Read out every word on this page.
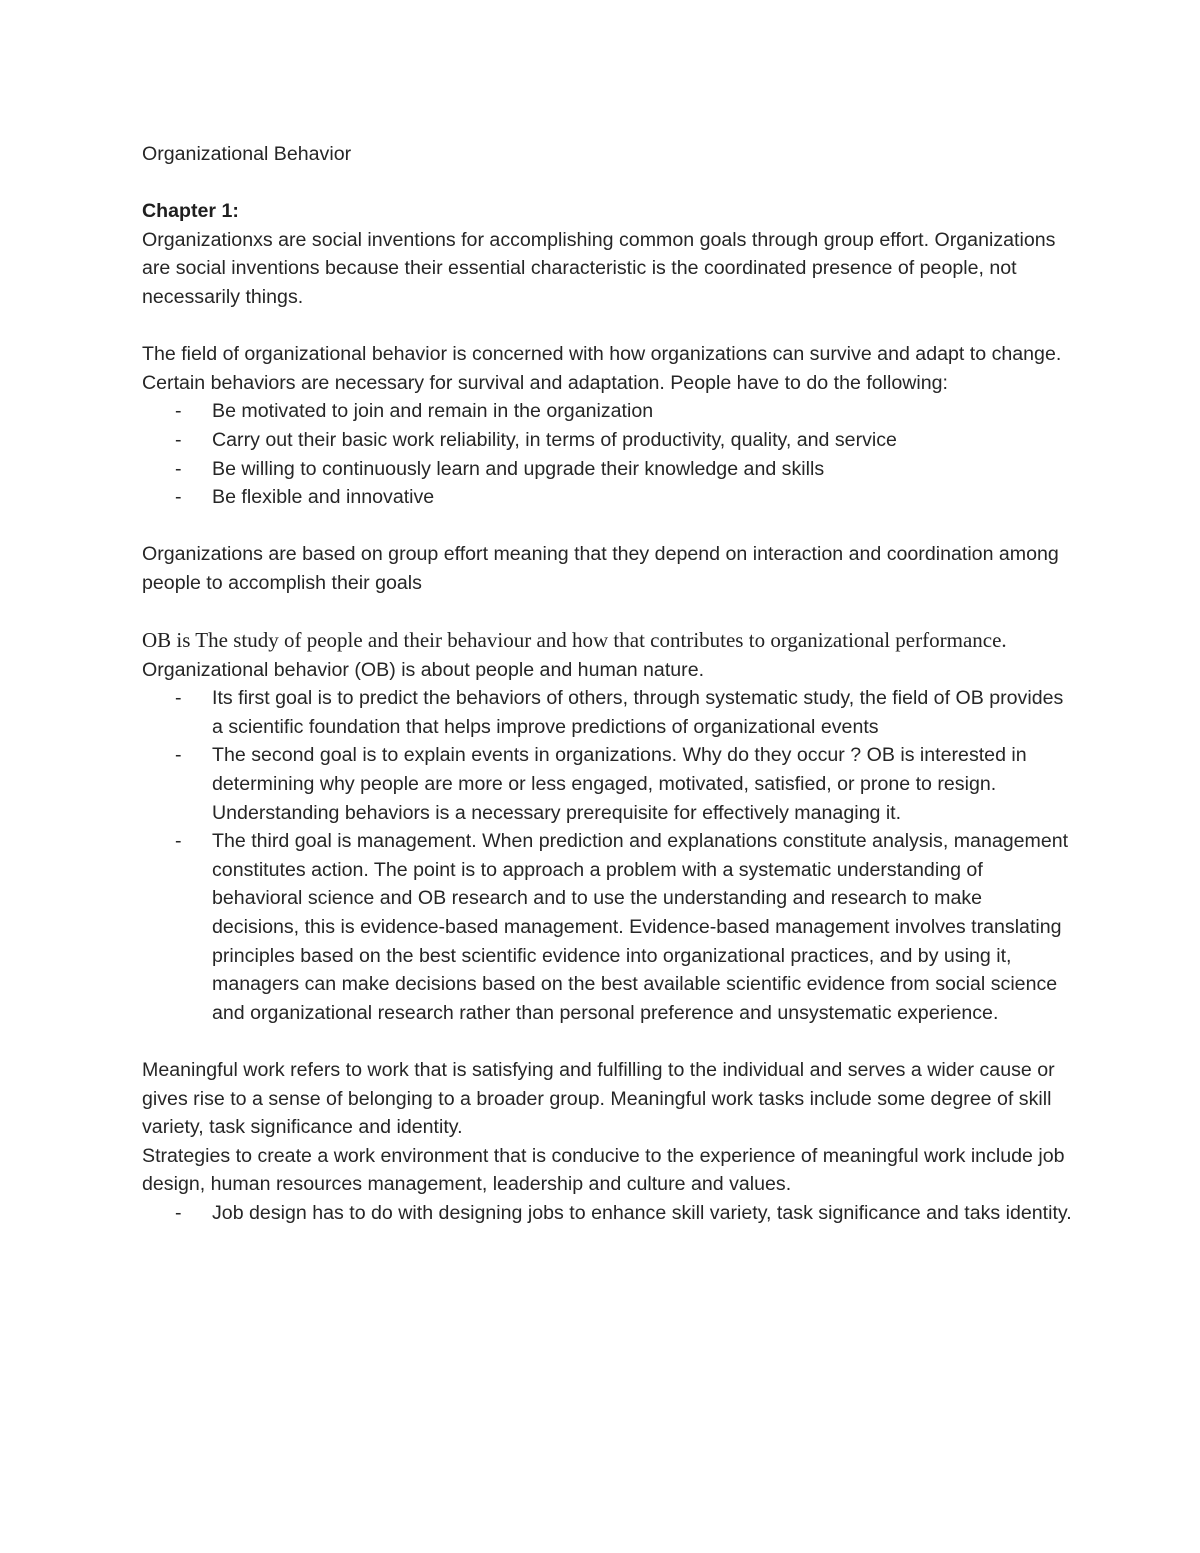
Organizational Behavior

Chapter 1:

Organizationxs are social inventions for accomplishing common goals through group effort. Organizations are social inventions because their essential characteristic is the coordinated presence of people, not necessarily things.

The field of organizational behavior is concerned with how organizations can survive and adapt to change. Certain behaviors are necessary for survival and adaptation. People have to do the following:

- Be motivated to join and remain in the organization
- Carry out their basic work reliability, in terms of productivity, quality, and service
- Be willing to continuously learn and upgrade their knowledge and skills
- Be flexible and innovative

Organizations are based on group effort meaning that they depend on interaction and coordination among people to accomplish their goals

OB is The study of people and their behaviour and how that contributes to organizational performance.

Organizational behavior (OB) is about people and human nature.

- Its first goal is to predict the behaviors of others, through systematic study, the field of OB provides a scientific foundation that helps improve predictions of organizational events
- The second goal is to explain events in organizations. Why do they occur ? OB is interested in determining why people are more or less engaged, motivated, satisfied, or prone to resign. Understanding behaviors is a necessary prerequisite for effectively managing it.
- The third goal is management. When prediction and explanations constitute analysis, management constitutes action. The point is to approach a problem with a systematic understanding of behavioral science and OB research and to use the understanding and research to make decisions, this is evidence-based management. Evidence-based management involves translating principles based on the best scientific evidence into organizational practices, and by using it, managers can make decisions based on the best available scientific evidence from social science and organizational research rather than personal preference and unsystematic experience.

Meaningful work refers to work that is satisfying and fulfilling to the individual and serves a wider cause or gives rise to a sense of belonging to a broader group. Meaningful work tasks include some degree of skill variety, task significance and identity.

Strategies to create a work environment that is conducive to the experience of meaningful work include job design, human resources management, leadership and culture and values.

- Job design has to do with designing jobs to enhance skill variety, task significance and taks identity.
